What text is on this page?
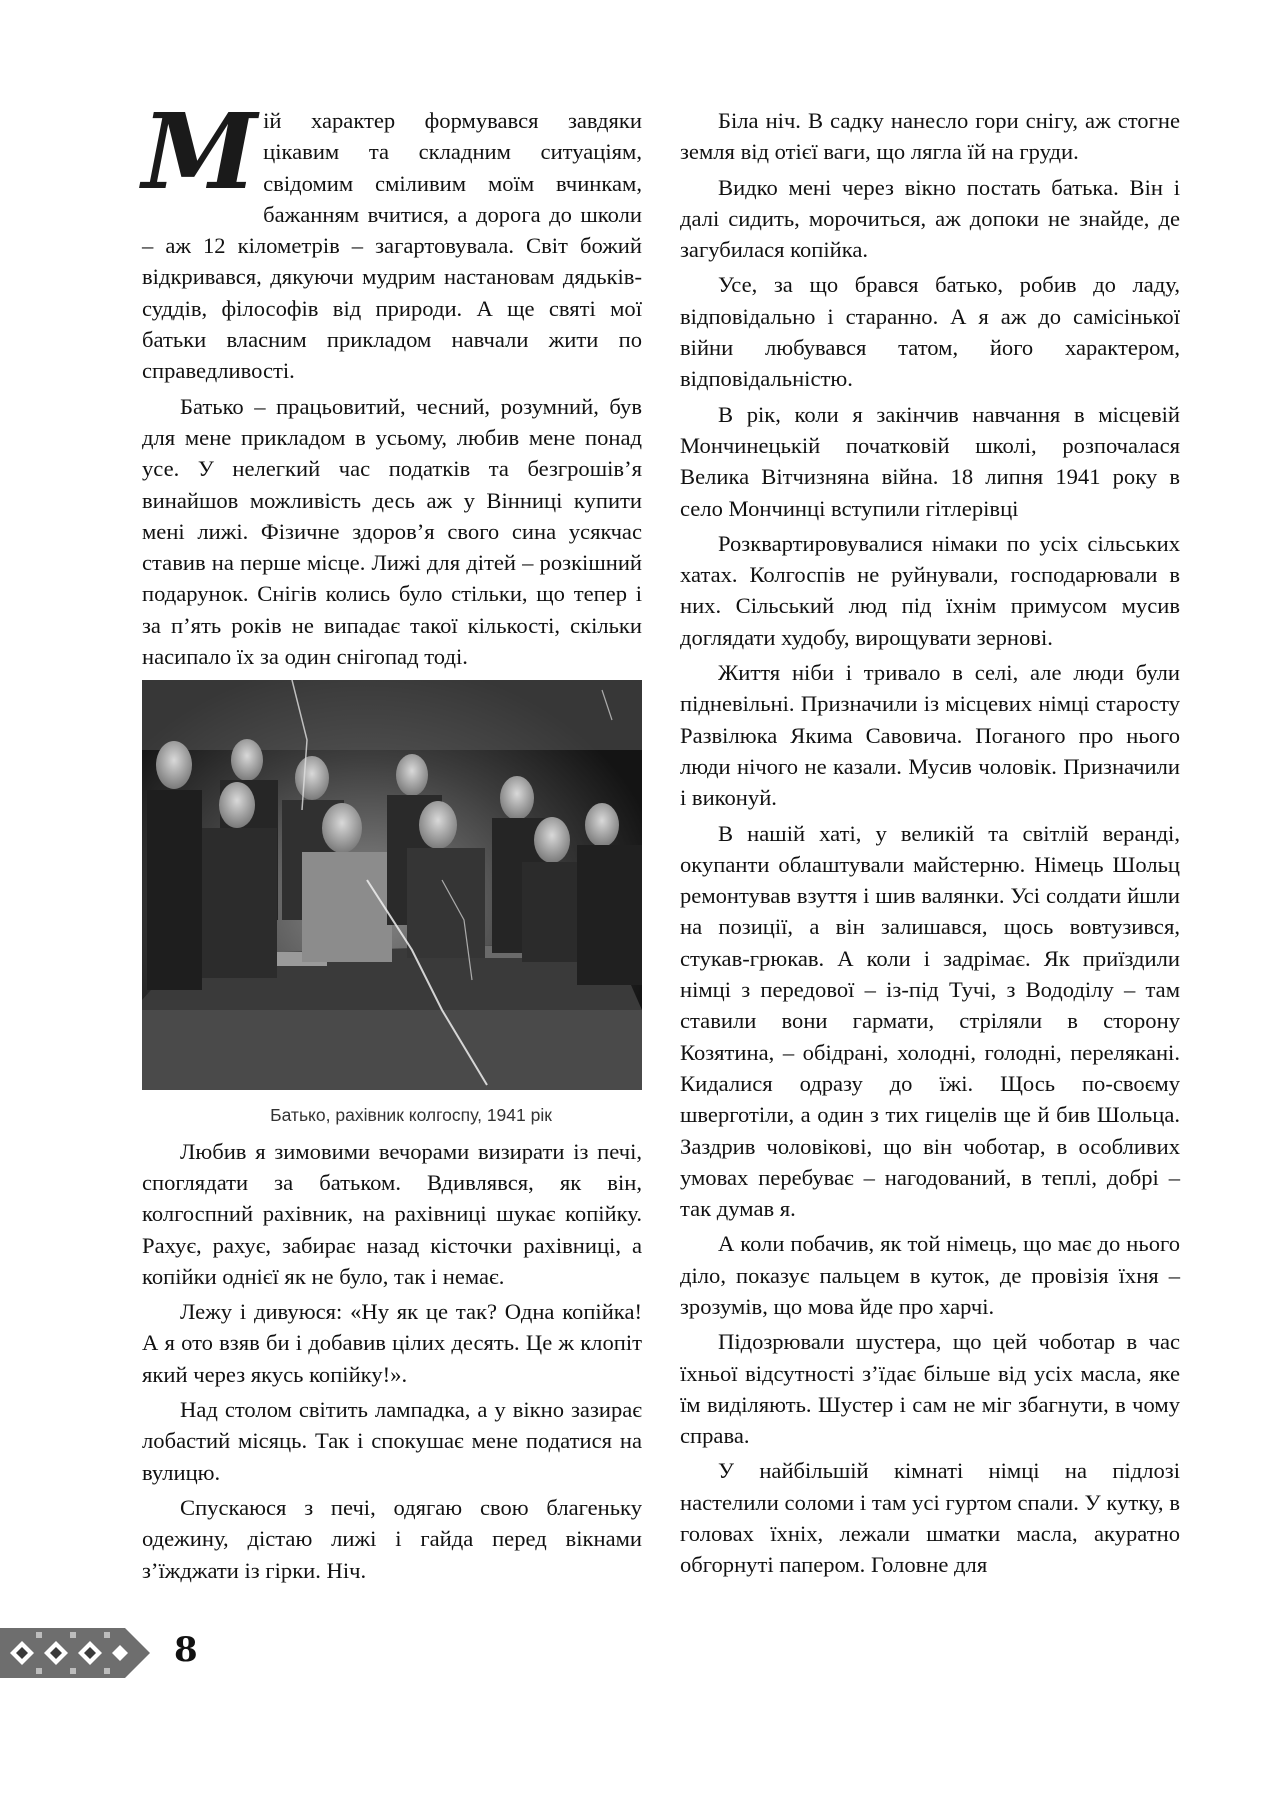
Мій характер формувався завдяки цікавим та складним ситуаціям, свідомим сміливим моїм вчинкам, бажанням вчитися, а дорога до школи – аж 12 кілометрів – загартовувала. Світ божий відкривався, дякуючи мудрим настановам дядьків- суддів, філософів від природи. А ще святі мої батьки власним прикладом навчали жити по справедливості.

Батько – працьовитий, чесний, розумний, був для мене прикладом в усьому, любив мене понад усе. У нелегкий час податків та безгрошів’я винайшов можливість десь аж у Вінниці купити мені лижі. Фізичне здоров’я свого сина усякчас ставив на перше місце. Лижі для дітей – розкішний подарунок. Снігів колись було стільки, що тепер і за п’ять років не випадає такої кількості, скільки насипало їх за один снігопад тоді.

Батько, рахівник колгоспу, 1941 рік

Любив я зимовими вечорами визирати із печі, споглядати за батьком. Вдивлявся, як він, колгоспний рахівник, на рахівниці шукає копійку. Рахує, рахує, забирає назад кісточки рахівниці, а копійки однієї як не було, так і немає.

Лежу і дивуюся: «Ну як це так? Одна копійка! А я ото взяв би і добавив цілих десять. Це ж клопіт який через якусь копійку!».

Над столом світить лампадка, а у вікно зазирає лобастий місяць. Так і спокушає мене податися на вулицю.

Спускаюся з печі, одягаю свою благеньку одежину, дістаю лижі і гайда перед вікнами з’їжджати із гірки. Ніч.

Біла ніч. В садку нанесло гори снігу, аж стогне земля від отієї ваги, що лягла їй на груди.

Видко мені через вікно постать батька. Він і далі сидить, морочиться, аж допоки не знайде, де загубилася копійка.

Усе, за що брався батько, робив до ладу, відповідально і старанно. А я аж до самісінької війни любувався татом, його характером, відповідальністю.

В рік, коли я закінчив навчання в місцевій Мончинецькій початковій школі, розпочалася Велика Вітчизняна війна. 18 липня 1941 року в село Мончинці вступили гітлерівці

Розквартировувалися німаки по усіх сільських хатах. Колгоспів не руйнували, господарювали в них. Сільський люд під їхнім примусом мусив доглядати худобу, вирощувати зернові.

Життя ніби і тривало в селі, але люди були підневільні. Призначили із місцевих німці старосту Развілюка Якима Савовича. Поганого про нього люди нічого не казали. Мусив чоловік. Призначили і виконуй.

В нашій хаті, у великій та світлій веранді, окупанти облаштували майстерню. Німець Шольц ремонтував взуття і шив валянки. Усі солдати йшли на позиції, а він залишався, щось вовтузився, стукав-грюкав. А коли і задрімає. Як приїздили німці з передової – із-під Тучі, з Вододілу – там ставили вони гармати, стріляли в сторону Козятина, – обідрані, холодні, голодні, перелякані. Кидалися одразу до їжі. Щось по-своєму шверготіли, а один з тих гицелів ще й бив Шольца. Заздрив чоловікові, що він чоботар, в особливих умовах перебуває – нагодований, в теплі, добрі – так думав я.

А коли побачив, як той німець, що має до нього діло, показує пальцем в куток, де провізія їхня – зрозумів, що мова йде про харчі.

Підозрювали шустера, що цей чоботар в час їхньої відсутності з’їдає більше від усіх масла, яке їм виділяють. Шустер і сам не міг збагнути, в чому справа.

У найбільшій кімнаті німці на підлозі настелили соломи і там усі гуртом спали. У кутку, в головах їхніх, лежали шматки масла, акуратно обгорнуті папером. Головне для

8
